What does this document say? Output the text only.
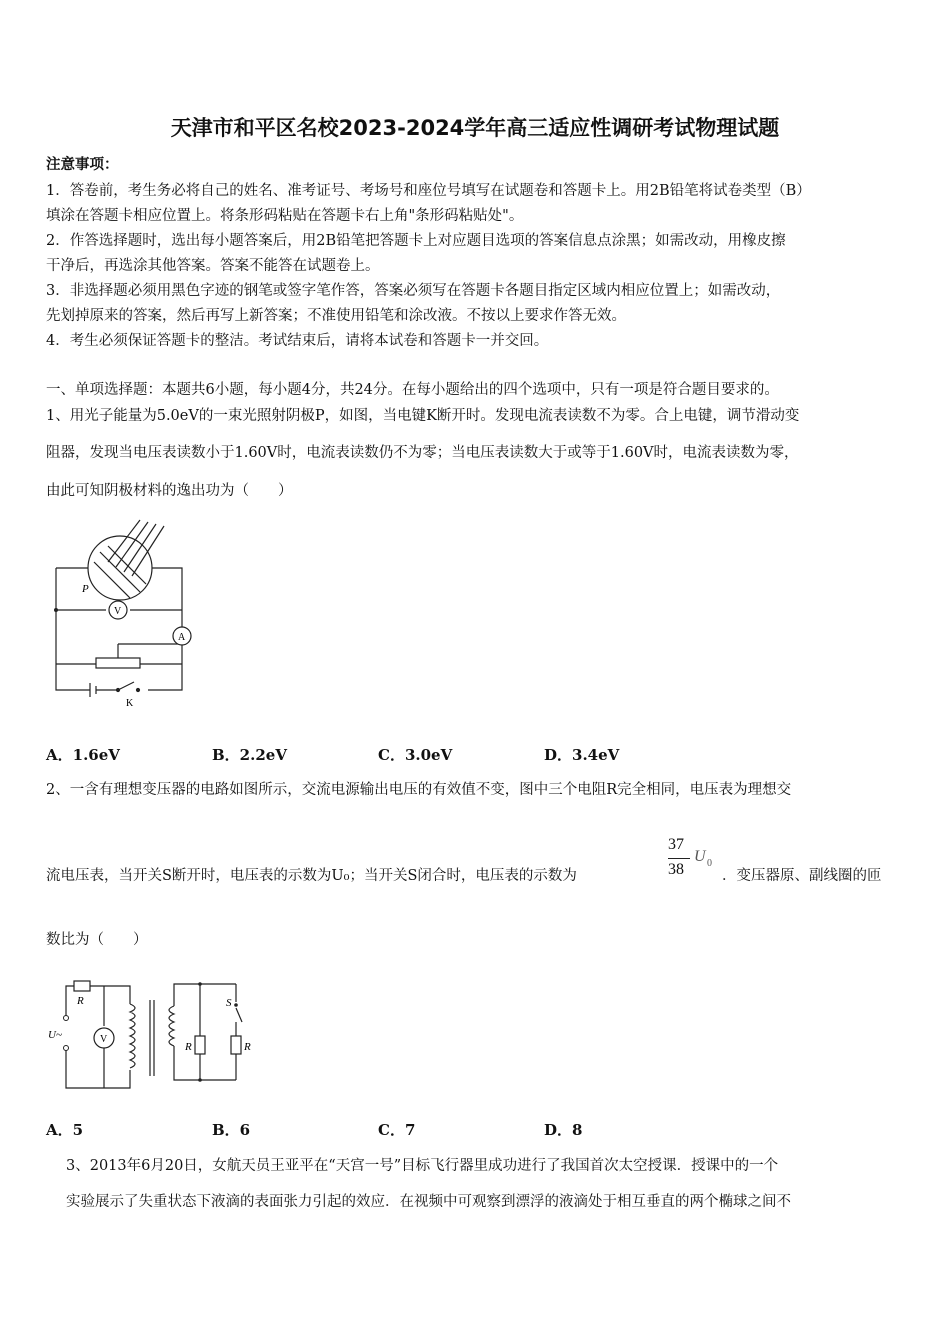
天津市和平区名校2023-2024学年高三适应性调研考试物理试题
注意事项：
1．答卷前，考生务必将自己的姓名、准考证号、考场号和座位号填写在试题卷和答题卡上。用2B铅笔将试卷类型（B）
填涂在答题卡相应位置上。将条形码粘贴在答题卡右上角"条形码粘贴处"。
2．作答选择题时，选出每小题答案后，用2B铅笔把答题卡上对应题目选项的答案信息点涂黑；如需改动，用橡皮擦
干净后，再选涂其他答案。答案不能答在试题卷上。
3．非选择题必须用黑色字迹的钢笔或签字笔作答，答案必须写在答题卡各题目指定区域内相应位置上；如需改动，
先划掉原来的答案，然后再写上新答案；不准使用铅笔和涂改液。不按以上要求作答无效。
4．考生必须保证答题卡的整洁。考试结束后，请将本试卷和答题卡一并交回。
一、单项选择题：本题共6小题，每小题4分，共24分。在每小题给出的四个选项中，只有一项是符合题目要求的。
1、用光子能量为5.0eV的一束光照射阴极P，如图，当电键K断开时。发现电流表读数不为零。合上电键，调节滑动变
阻器，发现当电压表读数小于1.60V时，电流表读数仍不为零；当电压表读数大于或等于1.60V时，电流表读数为零，
由此可知阴极材料的逸出功为（　　）
P
V
A
K
A．1.6eV	B．2.2eV	C．3.0eV	D．3.4eV
2、一含有理想变压器的电路如图所示，交流电源输出电压的有效值不变，图中三个电阻R完全相同，电压表为理想交
流电压表，当开关S断开时，电压表的示数为U₀；当开关S闭合时，电压表的示数为
37
38
U 0
．变压器原、副线圈的匝
数比为（　　）
R
U~	V
R
S
R
A．5	B．6	C．7	D．8
3、2013年6月20日，女航天员王亚平在“天宫一号”目标飞行器里成功进行了我国首次太空授课．授课中的一个
实验展示了失重状态下液滴的表面张力引起的效应．在视频中可观察到漂浮的液滴处于相互垂直的两个椭球之间不
